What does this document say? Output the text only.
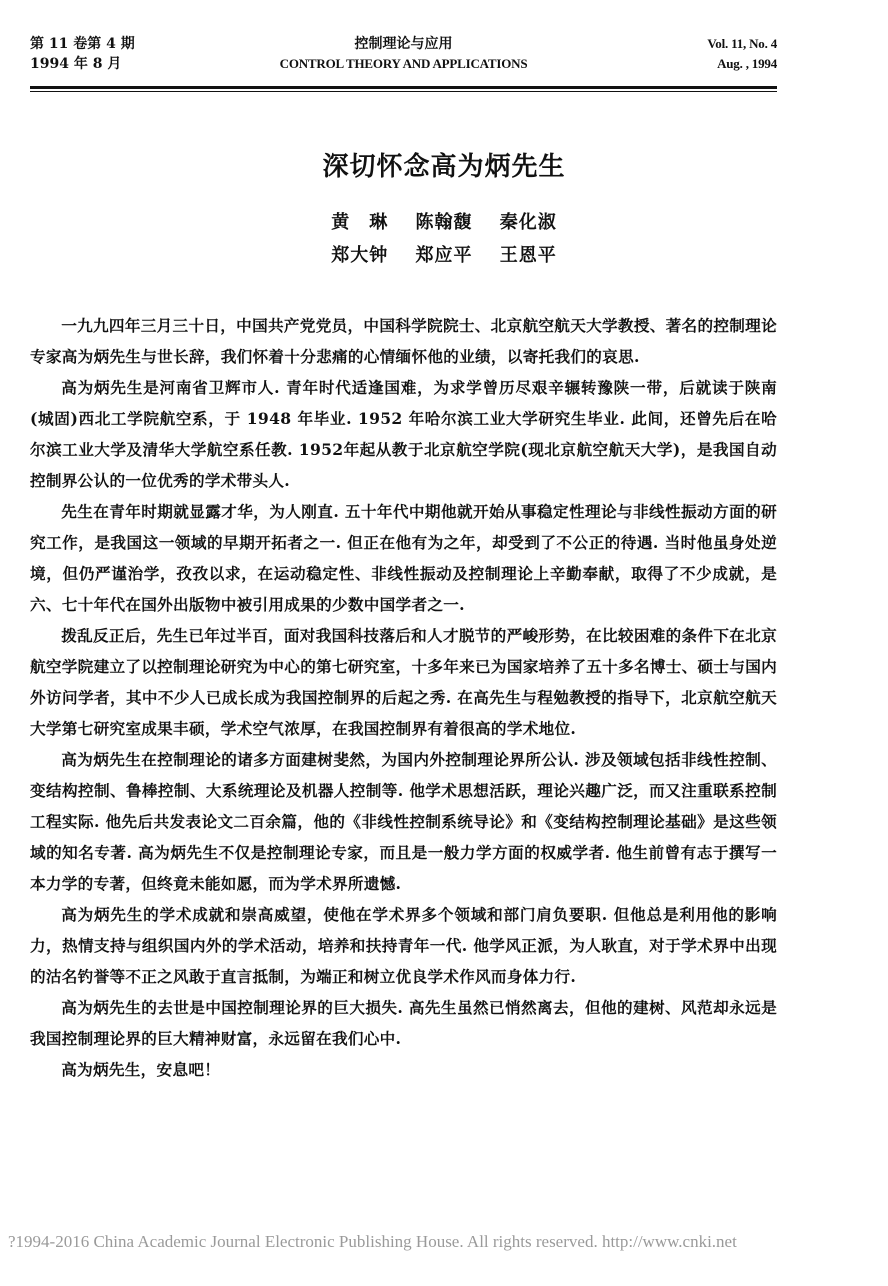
第 11 卷第 4 期
1994 年 8 月
控制理论与应用
CONTROL THEORY AND APPLICATIONS
Vol. 11, No. 4
Aug. , 1994
深切怀念高为炳先生
黄　琳 陈翰馥 秦化淑
郑大钟 郑应平 王恩平

一九九四年三月三十日，中国共产党党员，中国科学院院士、北京航空航天大学教授、著名的控制理论专家高为炳先生与世长辞，我们怀着十分悲痛的心情缅怀他的业绩，以寄托我们的哀思.

高为炳先生是河南省卫辉市人. 青年时代适逢国难，为求学曾历尽艰辛辗转豫陕一带，后就读于陕南(城固)西北工学院航空系，于 1948 年毕业. 1952 年哈尔滨工业大学研究生毕业. 此间，还曾先后在哈尔滨工业大学及清华大学航空系任教. 1952年起从教于北京航空学院(现北京航空航天大学)，是我国自动控制界公认的一位优秀的学术带头人.

先生在青年时期就显露才华，为人刚直. 五十年代中期他就开始从事稳定性理论与非线性振动方面的研究工作，是我国这一领域的早期开拓者之一. 但正在他有为之年，却受到了不公正的待遇. 当时他虽身处逆境，但仍严谨治学，孜孜以求，在运动稳定性、非线性振动及控制理论上辛勤奉献，取得了不少成就，是六、七十年代在国外出版物中被引用成果的少数中国学者之一.

拨乱反正后，先生已年过半百，面对我国科技落后和人才脱节的严峻形势，在比较困难的条件下在北京航空学院建立了以控制理论研究为中心的第七研究室，十多年来已为国家培养了五十多名博士、硕士与国内外访问学者，其中不少人已成长成为我国控制界的后起之秀. 在高先生与程勉教授的指导下，北京航空航天大学第七研究室成果丰硕，学术空气浓厚，在我国控制界有着很高的学术地位.

高为炳先生在控制理论的诸多方面建树斐然，为国内外控制理论界所公认. 涉及领域包括非线性控制、变结构控制、鲁棒控制、大系统理论及机器人控制等. 他学术思想活跃，理论兴趣广泛，而又注重联系控制工程实际. 他先后共发表论文二百余篇，他的《非线性控制系统导论》和《变结构控制理论基础》是这些领域的知名专著. 高为炳先生不仅是控制理论专家，而且是一般力学方面的权威学者. 他生前曾有志于撰写一本力学的专著，但终竟未能如愿，而为学术界所遗憾.

高为炳先生的学术成就和崇高威望，使他在学术界多个领域和部门肩负要职. 但他总是利用他的影响力，热情支持与组织国内外的学术活动，培养和扶持青年一代. 他学风正派，为人耿直，对于学术界中出现的沽名钓誉等不正之风敢于直言抵制，为端正和树立优良学术作风而身体力行.

高为炳先生的去世是中国控制理论界的巨大损失. 高先生虽然已悄然离去，但他的建树、风范却永远是我国控制理论界的巨大精神财富，永远留在我们心中.

高为炳先生，安息吧！

?1994-2016 China Academic Journal Electronic Publishing House. All rights reserved. http://www.cnki.net
